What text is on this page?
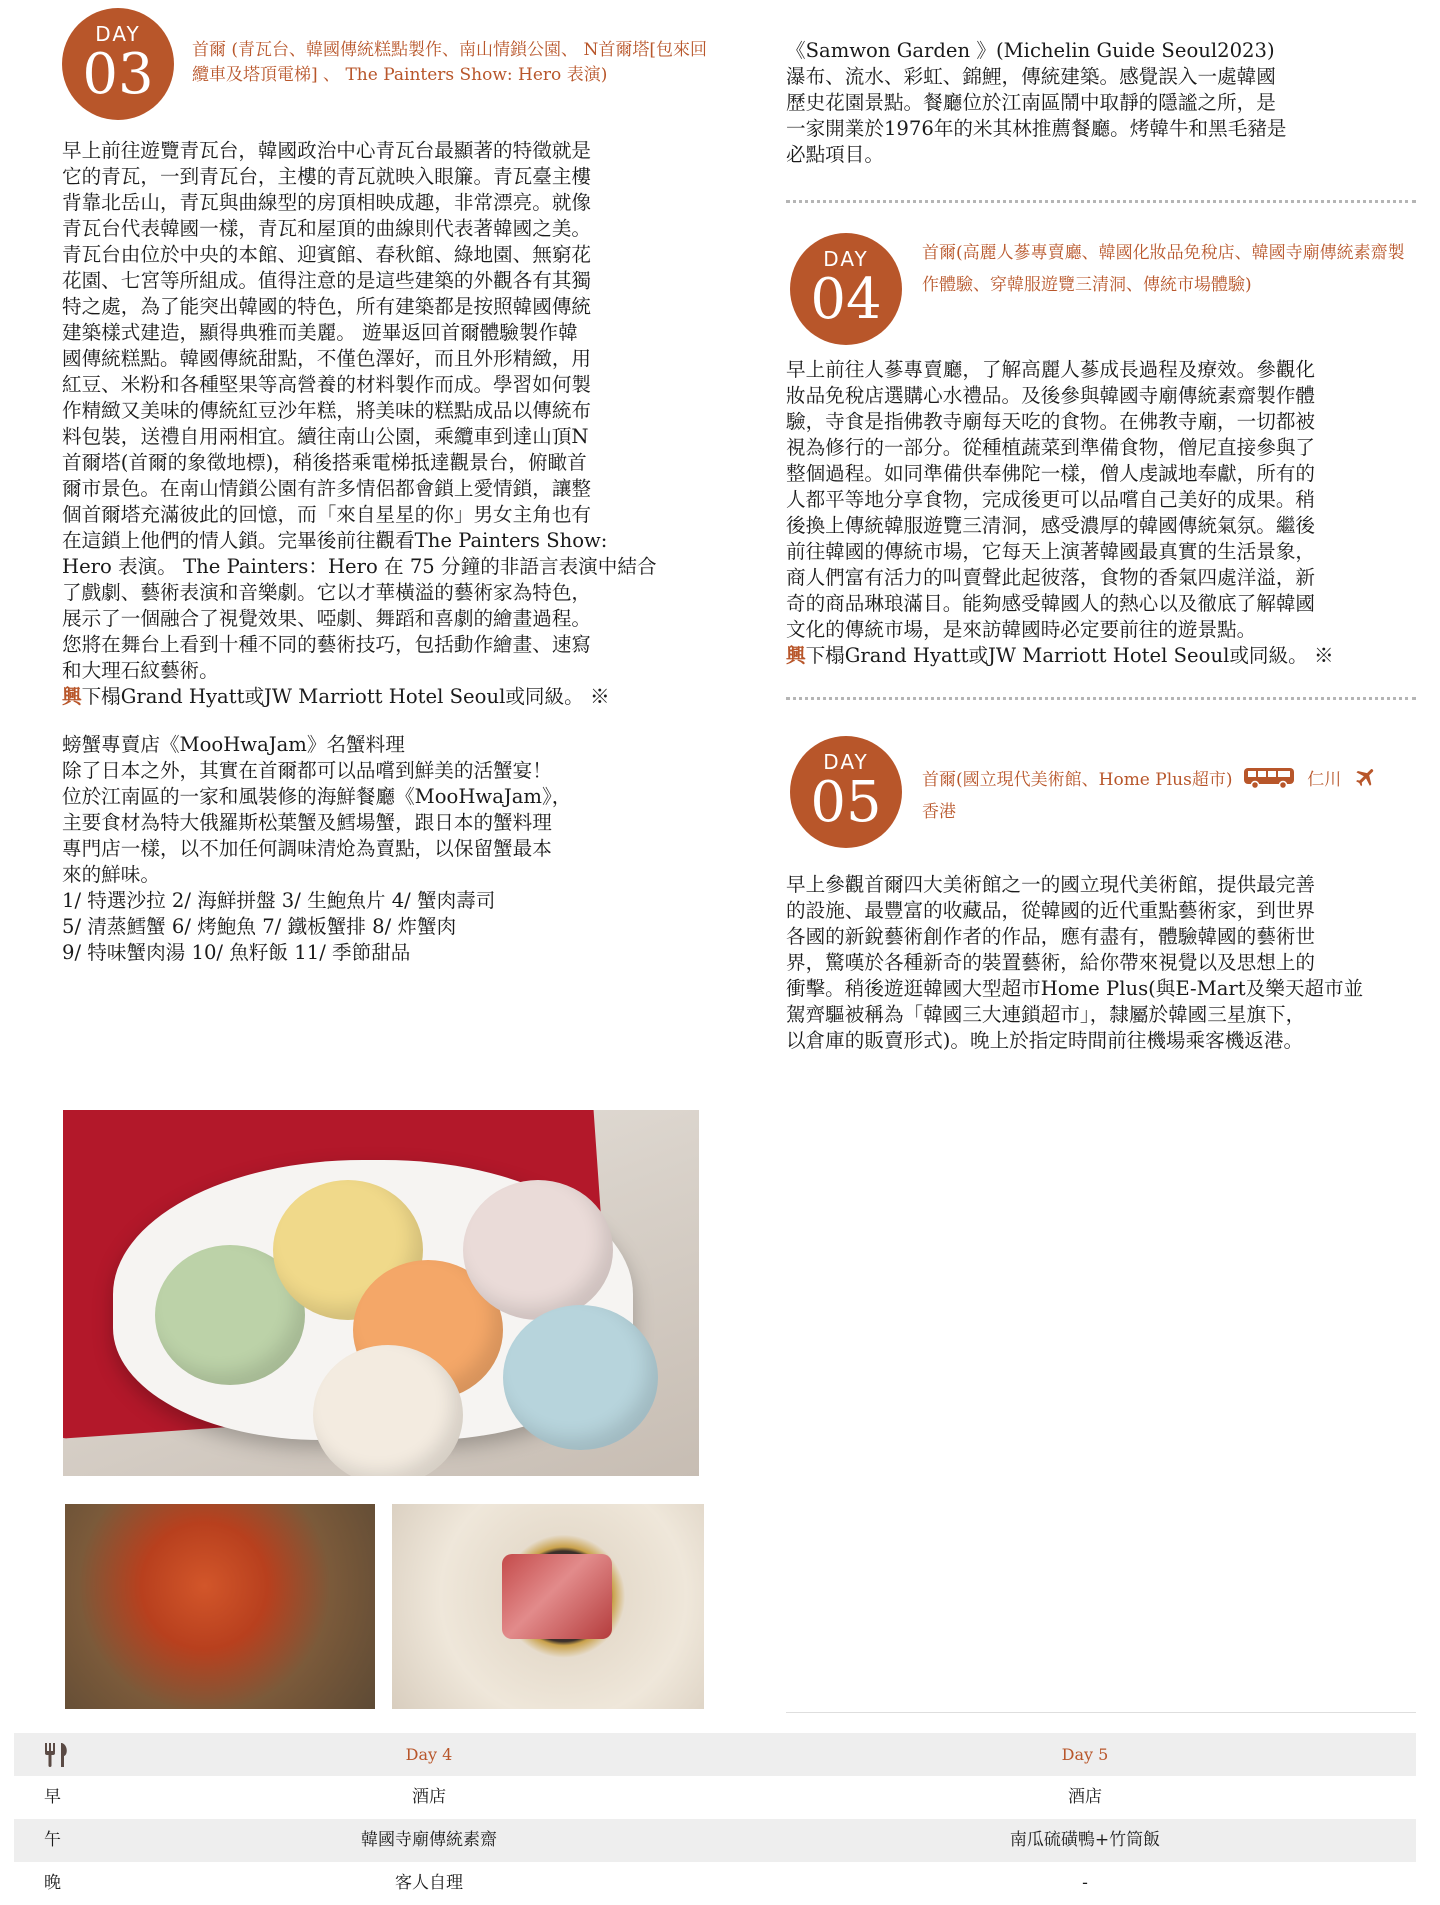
DAY
03	首爾 (青瓦台、韓國傳統糕點製作、南山情鎖公園、 N首爾塔[包來回纜車及塔頂電梯] 、 The Painters Show: Hero 表演)
早上前往遊覽青瓦台，韓國政治中心青瓦台最顯著的特徵就是
它的青瓦，一到青瓦台，主樓的青瓦就映入眼簾。青瓦臺主樓
背靠北岳山，青瓦與曲線型的房頂相映成趣，非常漂亮。就像
青瓦台代表韓國一樣，青瓦和屋頂的曲線則代表著韓國之美。
青瓦台由位於中央的本館、迎賓館、春秋館、綠地園、無窮花
花園、七宮等所組成。值得注意的是這些建築的外觀各有其獨
特之處，為了能突出韓國的特色，所有建築都是按照韓國傳統
建築樣式建造，顯得典雅而美麗。 遊畢返回首爾體驗製作韓
國傳統糕點。韓國傳統甜點，不僅色澤好，而且外形精緻，用
紅豆、米粉和各種堅果等高營養的材料製作而成。學習如何製
作精緻又美味的傳統紅豆沙年糕，將美味的糕點成品以傳統布
料包裝，送禮自用兩相宜。續往南山公園，乘纜車到達山頂N
首爾塔(首爾的象徵地標)，稍後搭乘電梯抵達觀景台，俯瞰首
爾市景色。在南山情鎖公園有許多情侶都會鎖上愛情鎖，讓整
個首爾塔充滿彼此的回憶，而「來自星星的你」男女主角也有
在這鎖上他們的情人鎖。完畢後前往觀看The Painters Show:
Hero 表演。 The Painters：Hero 在 75 分鐘的非語言表演中結合
了戲劇、藝術表演和音樂劇。它以才華橫溢的藝術家為特色，
展示了一個融合了視覺效果、啞劇、舞蹈和喜劇的繪畫過程。
您將在舞台上看到十種不同的藝術技巧，包括動作繪畫、速寫
和大理石紋藝術。
興下榻Grand Hyatt或JW Marriott Hotel Seoul或同級。 ※
螃蟹專賣店《MooHwaJam》名蟹料理
除了日本之外，其實在首爾都可以品嚐到鮮美的活蟹宴！
位於江南區的一家和風裝修的海鮮餐廳《MooHwaJam》，
主要食材為特大俄羅斯松葉蟹及鱈場蟹，跟日本的蟹料理
專門店一樣，以不加任何調味清炝為賣點，以保留蟹最本
來的鮮味。
1/ 特選沙拉 2/ 海鮮拼盤 3/ 生鮑魚片 4/ 蟹肉壽司
5/ 清蒸鱈蟹 6/ 烤鮑魚 7/ 鐵板蟹排 8/ 炸蟹肉
9/ 特味蟹肉湯 10/ 魚籽飯 11/ 季節甜品
《Samwon Garden 》(Michelin Guide Seoul2023)
瀑布、流水、彩虹、錦鯉，傳統建築。感覺誤入一處韓國
歷史花園景點。餐廳位於江南區鬧中取靜的隱謐之所，是
一家開業於1976年的米其林推薦餐廳。烤韓牛和黑毛豬是
必點項目。
DAY
04
首爾(高麗人蔘專賣廳、韓國化妝品免稅店、韓國寺廟傳統素齋製作體驗、穿韓服遊覽三清洞、傳統市場體驗)
早上前往人蔘專賣廳，了解高麗人蔘成長過程及療效。參觀化
妝品免稅店選購心水禮品。及後參與韓國寺廟傳統素齋製作體
驗，寺食是指佛教寺廟每天吃的食物。在佛教寺廟，一切都被
視為修行的一部分。從種植蔬菜到準備食物，僧尼直接參與了
整個過程。如同準備供奉佛陀一樣，僧人虔誠地奉獻，所有的
人都平等地分享食物，完成後更可以品嚐自己美好的成果。稍
後換上傳統韓服遊覽三清洞，感受濃厚的韓國傳統氣氛。繼後
前往韓國的傳統市場，它每天上演著韓國最真實的生活景象，
商人們富有活力的叫賣聲此起彼落，食物的香氣四處洋溢，新
奇的商品琳琅滿目。能夠感受韓國人的熱心以及徹底了解韓國
文化的傳統市場，是來訪韓國時必定要前往的遊景點。
興下榻Grand Hyatt或JW Marriott Hotel Seoul或同級。 ※
DAY
05	首爾(國立現代美術館、Home Plus超市)	仁川
香港
早上參觀首爾四大美術館之一的國立現代美術館，提供最完善
的設施、最豐富的收藏品，從韓國的近代重點藝術家，到世界
各國的新銳藝術創作者的作品，應有盡有，體驗韓國的藝術世
界，驚嘆於各種新奇的裝置藝術，給你帶來視覺以及思想上的
衝擊。稍後遊逛韓國大型超市Home Plus(與E-Mart及樂天超市並
駕齊驅被稱為「韓國三大連鎖超市」，隸屬於韓國三星旗下，
以倉庫的販賣形式)。晚上於指定時間前往機場乘客機返港。
Day 4	Day 5
早	酒店	酒店
午	韓國寺廟傳統素齋	南瓜硫磺鴨+竹筒飯
晚	客人自理	-
